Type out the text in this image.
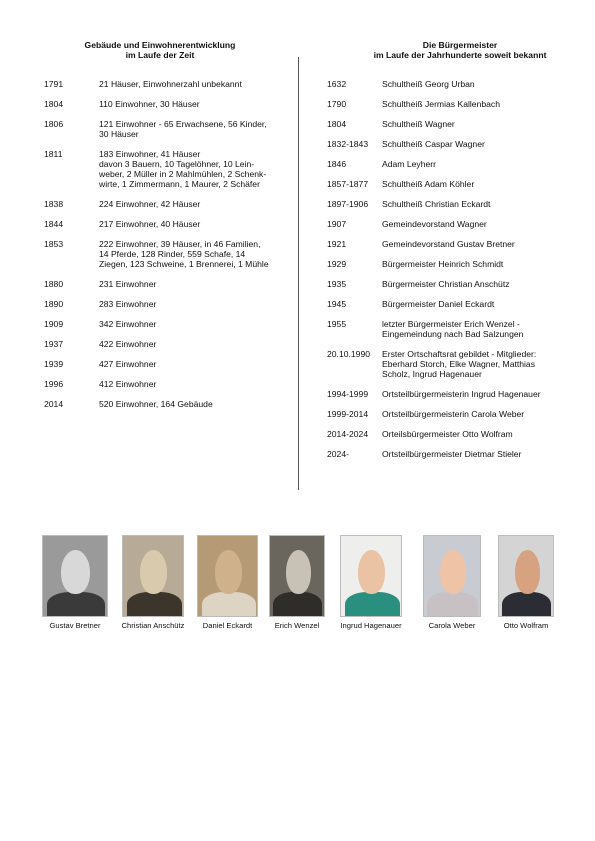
Gebäude und Einwohnerentwicklung
im Laufe der Zeit
Die Bürgermeister
im Laufe der Jahrhunderte soweit bekannt
1791	21 Häuser, Einwohnerzahl unbekannt
1804	110 Einwohner, 30 Häuser
1806	121 Einwohner - 65 Erwachsene, 56 Kinder,
30 Häuser
1811	183 Einwohner, 41 Häuser
davon 3 Bauern, 10 Tagelöhner, 10 Lein-
weber, 2 Müller in 2 Mahlmühlen, 2 Schenk-
wirte, 1 Zimmermann, 1 Maurer, 2 Schäfer
1838	224 Einwohner, 42 Häuser
1844	217 Einwohner, 40 Häuser
1853	222 Einwohner, 39 Häuser, in 46 Familien,
14 Pferde, 128 Rinder, 559 Schafe, 14
Ziegen, 123 Schweine, 1 Brennerei, 1 Mühle
1880	231 Einwohner
1890	283 Einwohner
1909	342 Einwohner
1937	422 Einwohner
1939	427 Einwohner
1996	412 Einwohner
2014	520 Einwohner, 164 Gebäude
1632	Schultheiß Georg Urban
1790	Schultheiß Jermias Kallenbach
1804	Schultheiß Wagner
1832-1843 Schultheiß Caspar Wagner
1846	Adam Leyherr
1857-1877 Schultheiß Adam Köhler
1897-1906 Schultheiß Christian Eckardt
1907	Gemeindevorstand Wagner
1921	Gemeindevorstand Gustav Bretner
1929	Bürgermeister Heinrich Schmidt
1935	Bürgermeister Christian Anschütz
1945	Bürgermeister Daniel Eckardt
1955	letzter Bürgermeister Erich Wenzel -
Eingemeindung nach Bad Salzungen
20.10.1990 Erster Ortschaftsrat gebildet - Mitglieder:
Eberhard Storch, Elke Wagner, Matthias
Scholz, Ingrud Hagenauer
1994-1999 Ortsteilbürgermeisterin Ingrud Hagenauer
1999-2014 Ortsteilbürgermeisterin Carola Weber
2014-2024 Orteilsbürgermeister Otto Wolfram
2024-	Ortsteilbürgermeister Dietmar Stieler
Gustav Bretner	Christian Anschütz	Daniel Eckardt	Erich Wenzel	Ingrud Hagenauer	Carola Weber	Otto Wolfram
